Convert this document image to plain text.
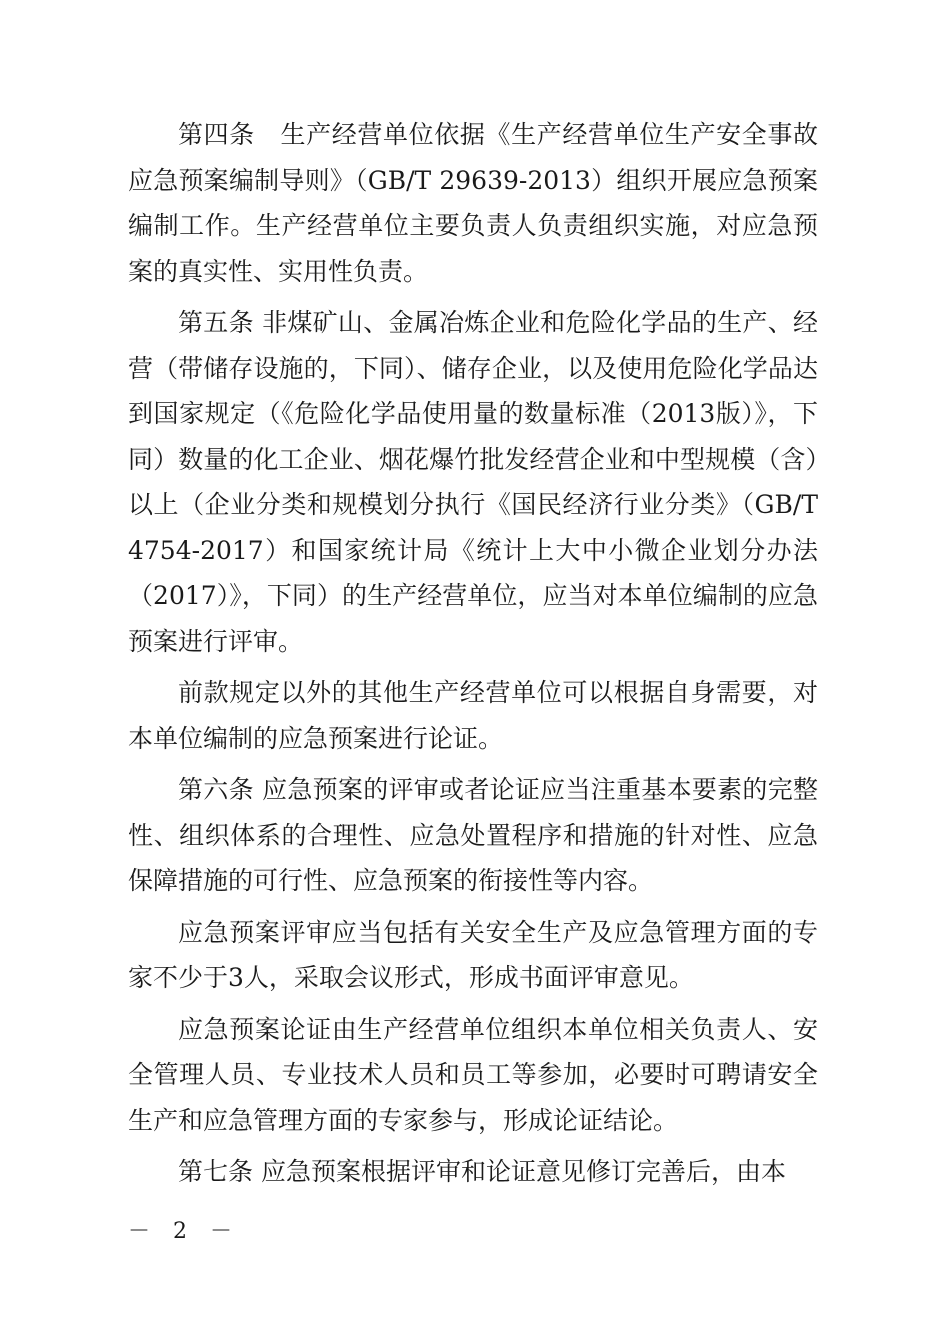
第四条　生产经营单位依据《生产经营单位生产安全事故应急预案编制导则》（GB/T 29639-2013）组织开展应急预案编制工作。生产经营单位主要负责人负责组织实施，对应急预案的真实性、实用性负责。

第五条 非煤矿山、金属冶炼企业和危险化学品的生产、经营（带储存设施的，下同）、储存企业，以及使用危险化学品达到国家规定（《危险化学品使用量的数量标准（2013版）》，下同）数量的化工企业、烟花爆竹批发经营企业和中型规模（含）以上（企业分类和规模划分执行《国民经济行业分类》（GB/T 4754-2017）和国家统计局《统计上大中小微企业划分办法（2017）》，下同）的生产经营单位，应当对本单位编制的应急预案进行评审。

前款规定以外的其他生产经营单位可以根据自身需要，对本单位编制的应急预案进行论证。

第六条 应急预案的评审或者论证应当注重基本要素的完整性、组织体系的合理性、应急处置程序和措施的针对性、应急保障措施的可行性、应急预案的衔接性等内容。

应急预案评审应当包括有关安全生产及应急管理方面的专家不少于3人，采取会议形式，形成书面评审意见。

应急预案论证由生产经营单位组织本单位相关负责人、安全管理人员、专业技术人员和员工等参加，必要时可聘请安全生产和应急管理方面的专家参与，形成论证结论。

第七条 应急预案根据评审和论证意见修订完善后，由本

－ 2 －
